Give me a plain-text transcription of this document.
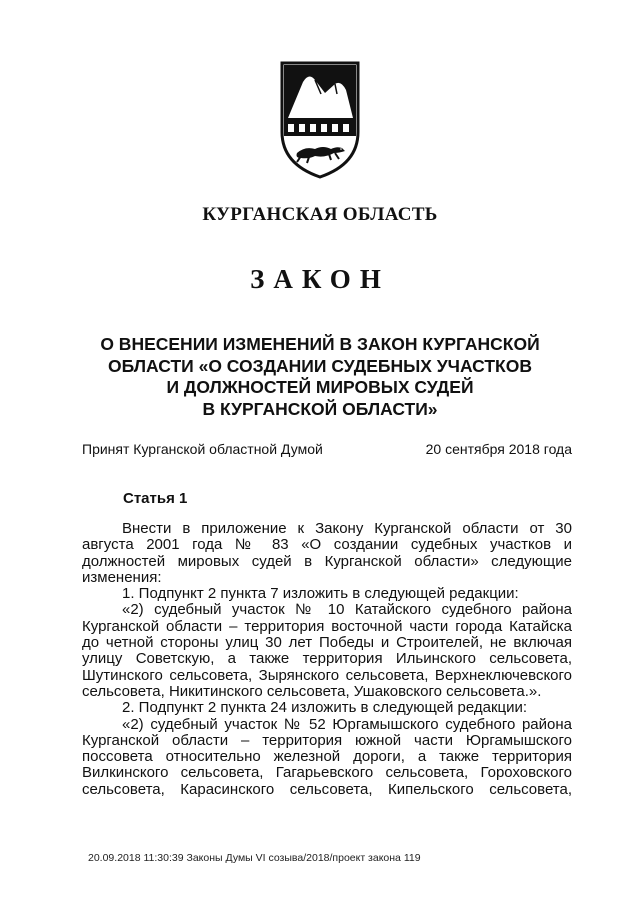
КУРГАНСКАЯ ОБЛАСТЬ
ЗАКОН
О ВНЕСЕНИИ ИЗМЕНЕНИЙ В ЗАКОН КУРГАНСКОЙ
ОБЛАСТИ «О СОЗДАНИИ СУДЕБНЫХ УЧАСТКОВ
И ДОЛЖНОСТЕЙ МИРОВЫХ СУДЕЙ
В КУРГАНСКОЙ ОБЛАСТИ»
Принят Курганской областной Думой	20 сентября 2018 года
Статья 1

Внести в приложение к Закону Курганской области от 30 августа 2001 года № 83 «О создании судебных участков и должностей мировых судей в Курганской области» следующие изменения:

1. Подпункт 2 пункта 7 изложить в следующей редакции:

«2) судебный участок № 10 Катайского судебного района Курганской области – территория восточной части города Катайска до четной стороны улиц 30 лет Победы и Строителей, не включая улицу Советскую, а также территория Ильинского сельсовета, Шутинского сельсовета, Зырянского сельсовета, Верхнеключевского сельсовета, Никитинского сельсовета, Ушаковского сельсовета.».

2. Подпункт 2 пункта 24 изложить в следующей редакции:

«2) судебный участок № 52 Юргамышского судебного района Курганской области – территория южной части Юргамышского поссовета относительно железной дороги, а также территория Вилкинского сельсовета, Гагарьевского сельсовета, Гороховского сельсовета, Карасинского сельсовета, Кипельского сельсовета,

20.09.2018 11:30:39 Законы Думы VI созыва/2018/проект закона 119
